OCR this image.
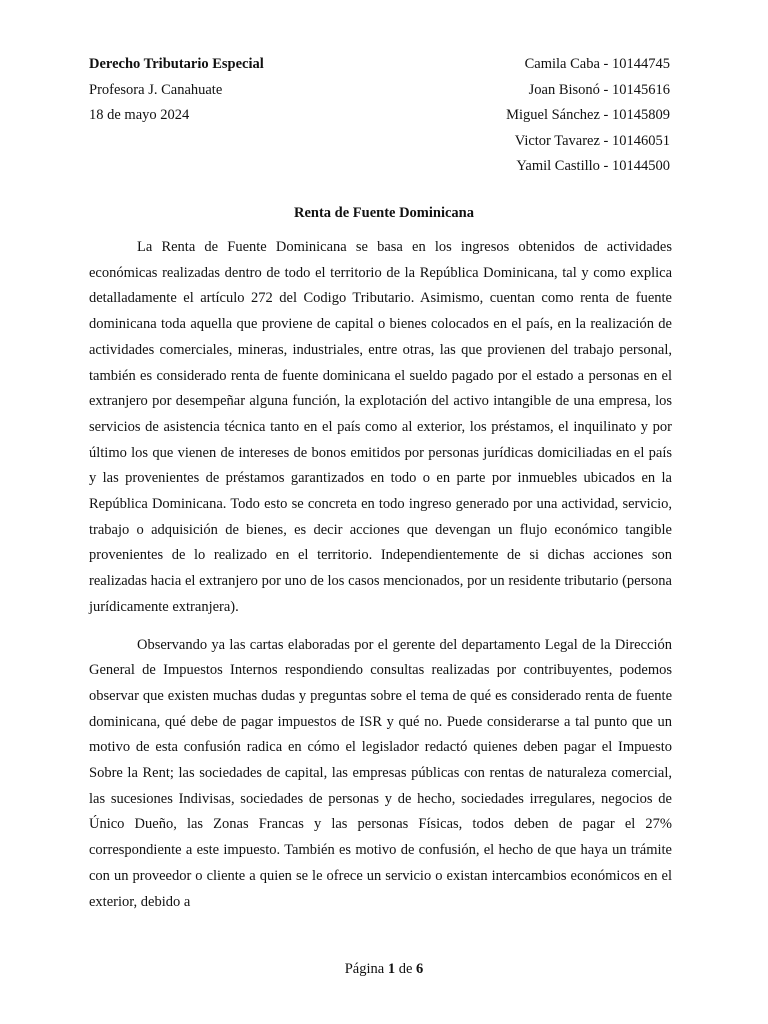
Derecho Tributario Especial
Profesora J. Canahuate
18 de mayo 2024
Camila Caba - 10144745
Joan Bisonó - 10145616
Miguel Sánchez - 10145809
Victor Tavarez - 10146051
Yamil Castillo - 10144500
Renta de Fuente Dominicana

La Renta de Fuente Dominicana se basa en los ingresos obtenidos de actividades económicas realizadas dentro de todo el territorio de la República Dominicana, tal y como explica detalladamente el artículo 272 del Codigo Tributario. Asimismo, cuentan como renta de fuente dominicana toda aquella que proviene de capital o bienes colocados en el país, en la realización de actividades comerciales, mineras, industriales, entre otras, las que provienen del trabajo personal, también es considerado renta de fuente dominicana el sueldo pagado por el estado a personas en el extranjero por desempeñar alguna función, la explotación del activo intangible de una empresa, los servicios de asistencia técnica tanto en el país como al exterior, los préstamos, el inquilinato y por último los que vienen de intereses de bonos emitidos por personas jurídicas domiciliadas en el país y las provenientes de préstamos garantizados en todo o en parte por inmuebles ubicados en la República Dominicana. Todo esto se concreta en todo ingreso generado por una actividad, servicio, trabajo o adquisición de bienes, es decir acciones que devengan un flujo económico tangible provenientes de lo realizado en el territorio. Independientemente de si dichas acciones son realizadas hacia el extranjero por uno de los casos mencionados, por un residente tributario (persona jurídicamente extranjera).

Observando ya las cartas elaboradas por el gerente del departamento Legal de la Dirección General de Impuestos Internos respondiendo consultas realizadas por contribuyentes, podemos observar que existen muchas dudas y preguntas sobre el tema de qué es considerado renta de fuente dominicana, qué debe de pagar impuestos de ISR y qué no. Puede considerarse a tal punto que un motivo de esta confusión radica en cómo el legislador redactó quienes deben pagar el Impuesto Sobre la Rent; las sociedades de capital, las empresas públicas con rentas de naturaleza comercial, las sucesiones Indivisas, sociedades de personas y de hecho, sociedades irregulares, negocios de Único Dueño, las Zonas Francas y las personas Físicas, todos deben de pagar el 27% correspondiente a este impuesto. También es motivo de confusión, el hecho de que haya un trámite con un proveedor o cliente a quien se le ofrece un servicio o existan intercambios económicos en el exterior, debido a

Página 1 de 6
